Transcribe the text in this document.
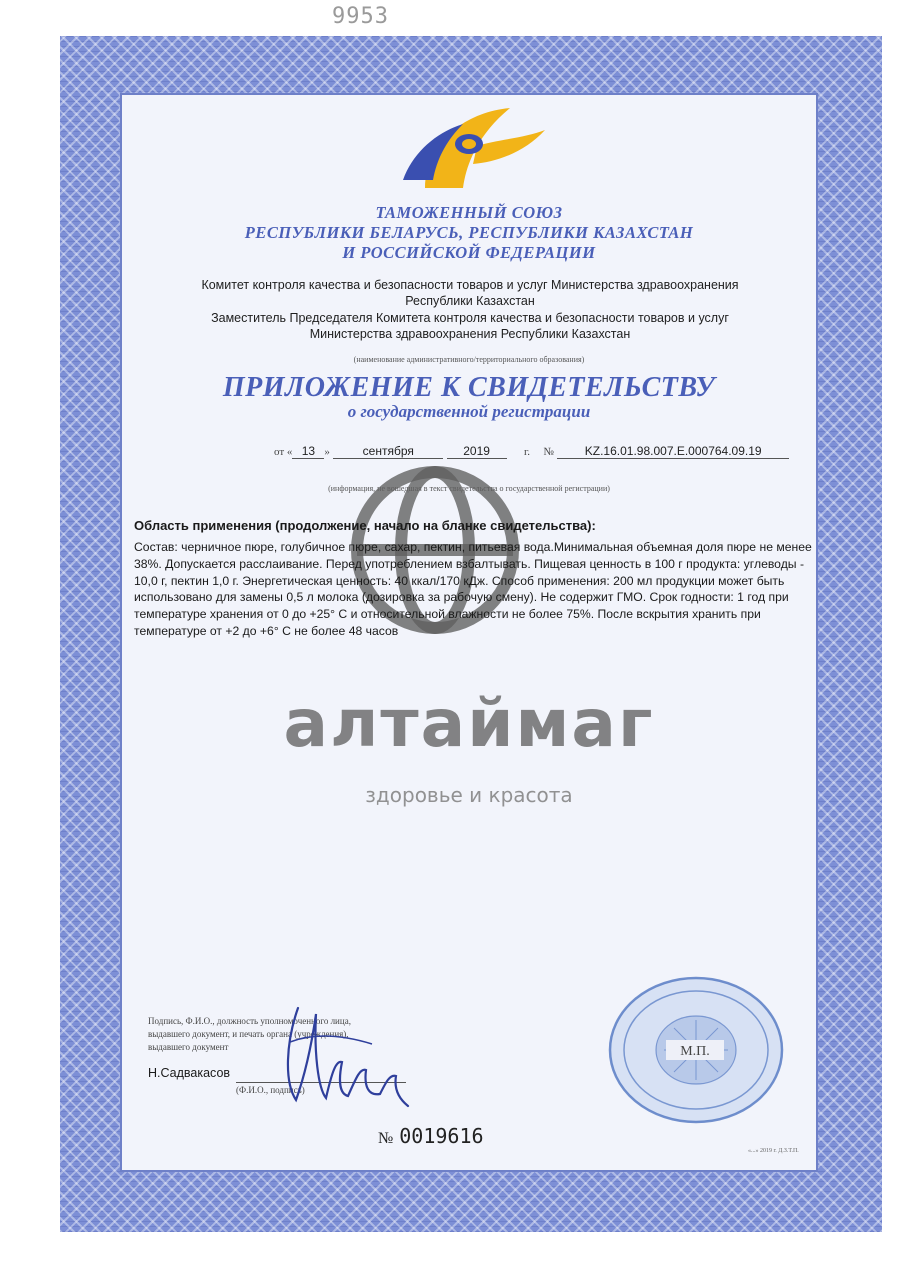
9953
ТАМОЖЕННЫЙ СОЮЗ
РЕСПУБЛИКИ БЕЛАРУСЬ, РЕСПУБЛИКИ КАЗАХСТАН
И РОССИЙСКОЙ ФЕДЕРАЦИИ
Комитет контроля качества и безопасности товаров и услуг Министерства здравоохранения
Республики Казахстан
Заместитель Председателя Комитета контроля качества и безопасности товаров и услуг
Министерства здравоохранения Республики Казахстан
(наименование административного/территориального образования)
ПРИЛОЖЕНИЕ К СВИДЕТЕЛЬСТВУ
о государственной регистрации
от « 13 »	сентября	2019	г. №	KZ.16.01.98.007.Е.000764.09.19
(информация, не вошедшая в текст свидетельства о государственной регистрации)
Область применения (продолжение, начало на бланке свидетельства):
Состав: черничное пюре, голубичное пюре, сахар, пектин, питьевая вода.Минимальная объемная доля пюре не менее 38%. Допускается расслаивание. Перед употреблением взбалтывать. Пищевая ценность в 100 г продукта: углеводы - 10,0 г, пектин 1,0 г. Энергетическая ценность: 40 ккал/170 кДж. Способ применения: 200 мл продукции может быть использовано для замены 0,5 л молока (дозировка за рабочую смену). Не содержит ГМО. Срок годности: 1 год при температуре хранения от 0 до +25° С и относительной влажности не более 75%. После вскрытия хранить при температуре от +2 до +6° С не более 48 часов
алтаймаг
здоровье и красота
Подпись, Ф.И.О., должность уполномоченного лица,
выдавшего документ, и печать органа (учреждения),
выдавшего документ
Н.Садвакасов
(Ф.И.О., подпись)
М.П.
№ 0019616
«...» 2019 г. Д.З.Т.П.
